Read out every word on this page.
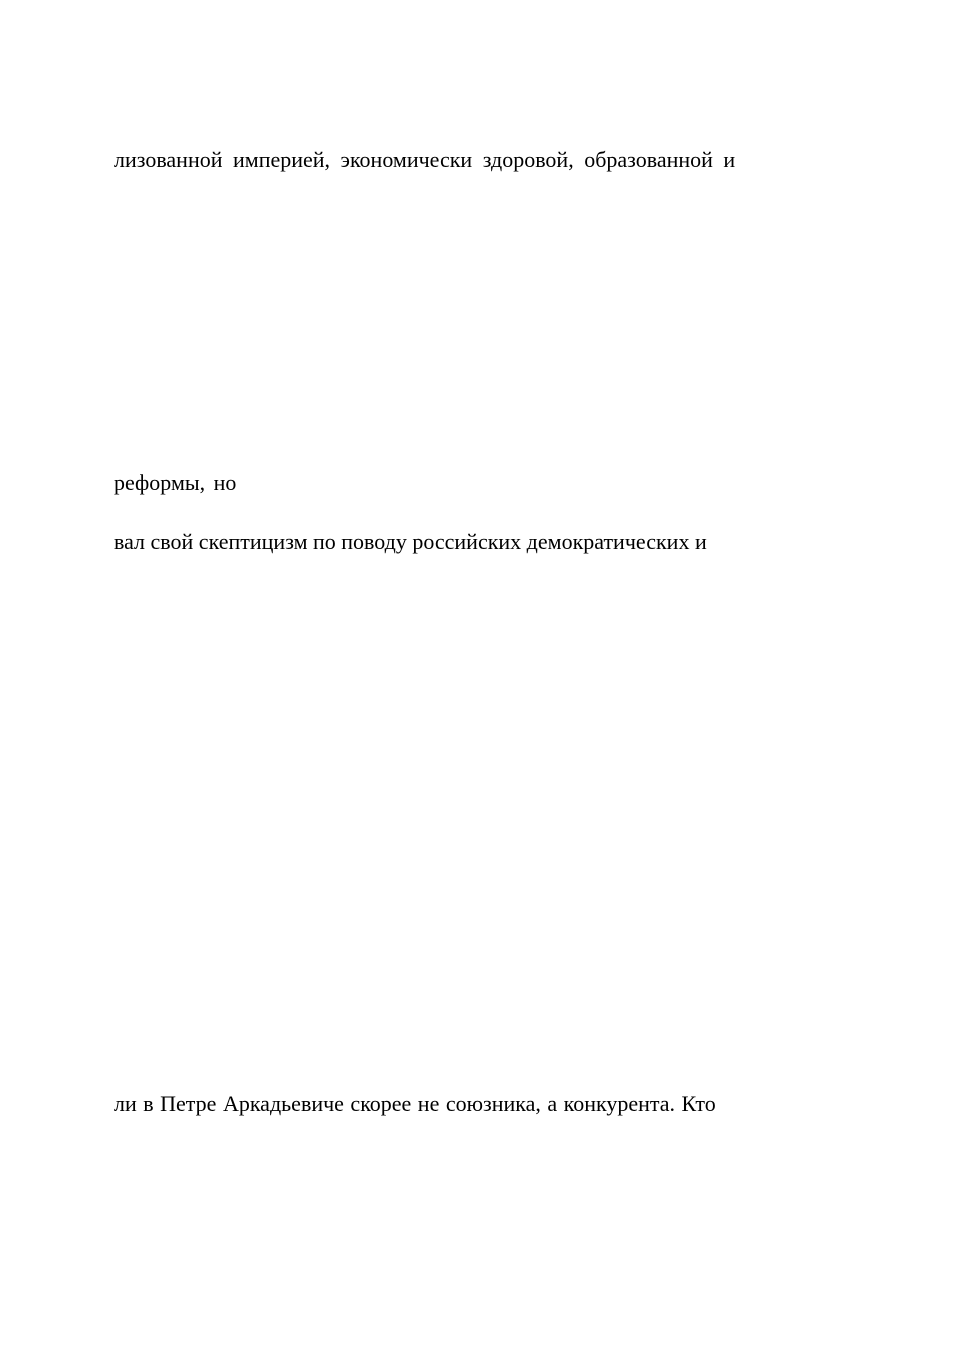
лизованной империей, экономически здоровой, образованной и
реформы, но
вал свой скептицизм по поводу российских демократических и
ли в Петре Аркадьевиче скорее не союзника, а конкурента. Кто
